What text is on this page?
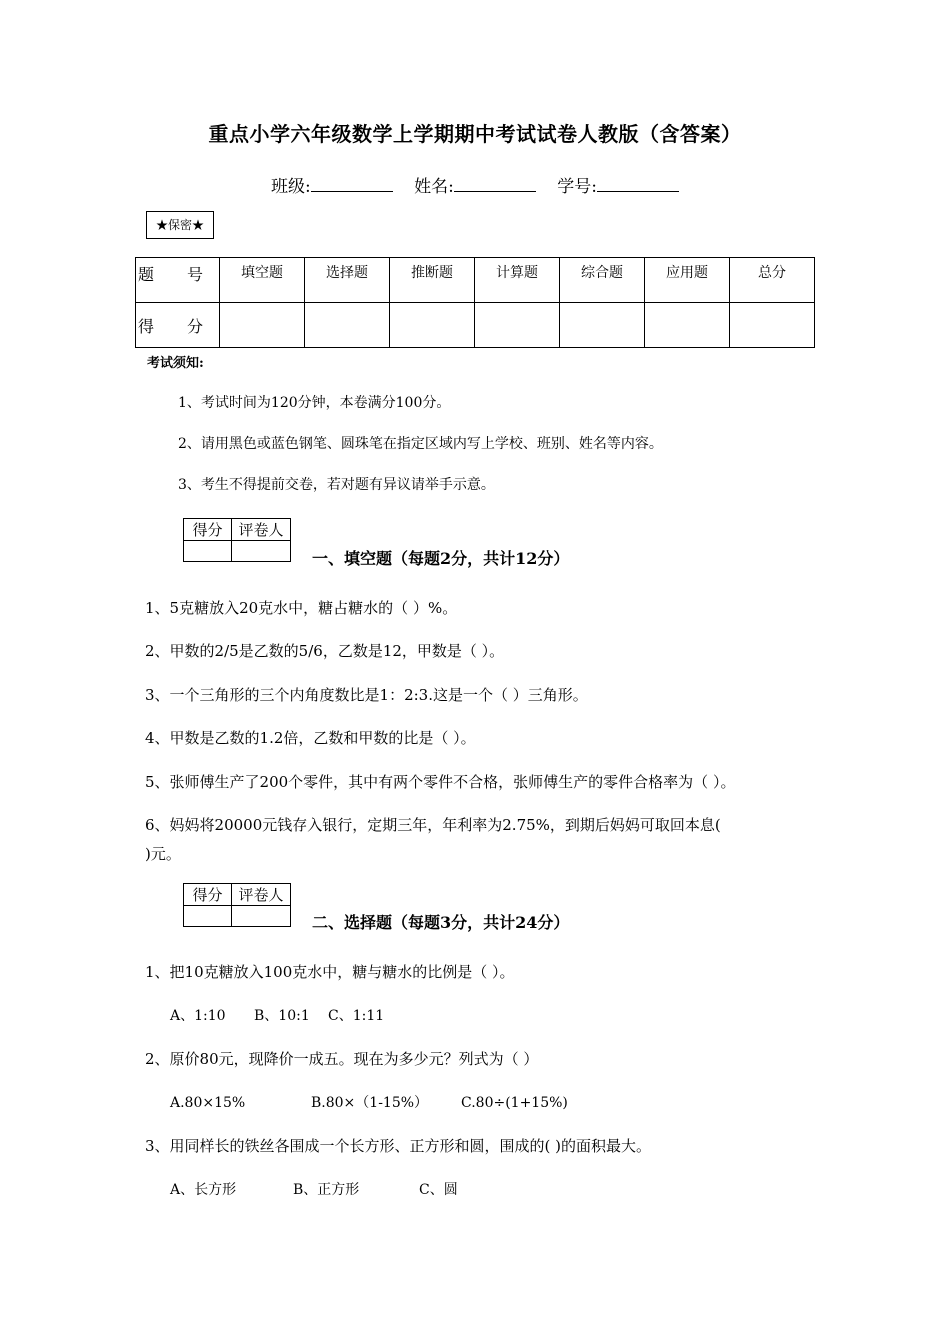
重点小学六年级数学上学期期中考试试卷人教版（含答案）
班级:	姓名:	学号:
★保密★
题 号	填空题	选择题	推断题	计算题	综合题	应用题	总分
得 分							
考试须知:
1、考试时间为120分钟，本卷满分100分。
2、请用黑色或蓝色钢笔、圆珠笔在指定区域内写上学校、班别、姓名等内容。
3、考生不得提前交卷，若对题有异议请举手示意。
得分	评卷人

一、填空题（每题2分，共计12分）
1、5克糖放入20克水中，糖占糖水的（ ）%。
2、甲数的2/5是乙数的5/6，乙数是12，甲数是（ ）。
3、一个三角形的三个内角度数比是1：2:3.这是一个（ ）三角形。
4、甲数是乙数的1.2倍，乙数和甲数的比是（ ）。
5、张师傅生产了200个零件，其中有两个零件不合格，张师傅生产的零件合格率为（ ）。
6、妈妈将20000元钱存入银行，定期三年，年利率为2.75%，到期后妈妈可取回本息(
)元。
得分	评卷人

二、选择题（每题3分，共计24分）
1、把10克糖放入100克水中，糖与糖水的比例是（ ）。
A、1:10 B、10:1 C、1:11
2、原价80元，现降价一成五。现在为多少元？列式为（ ）
A.80×15%	B.80×（1-15%） C.80÷(1+15%)
3、用同样长的铁丝各围成一个长方形、正方形和圆，围成的( )的面积最大。
A、长方形	B、正方形	C、圆
